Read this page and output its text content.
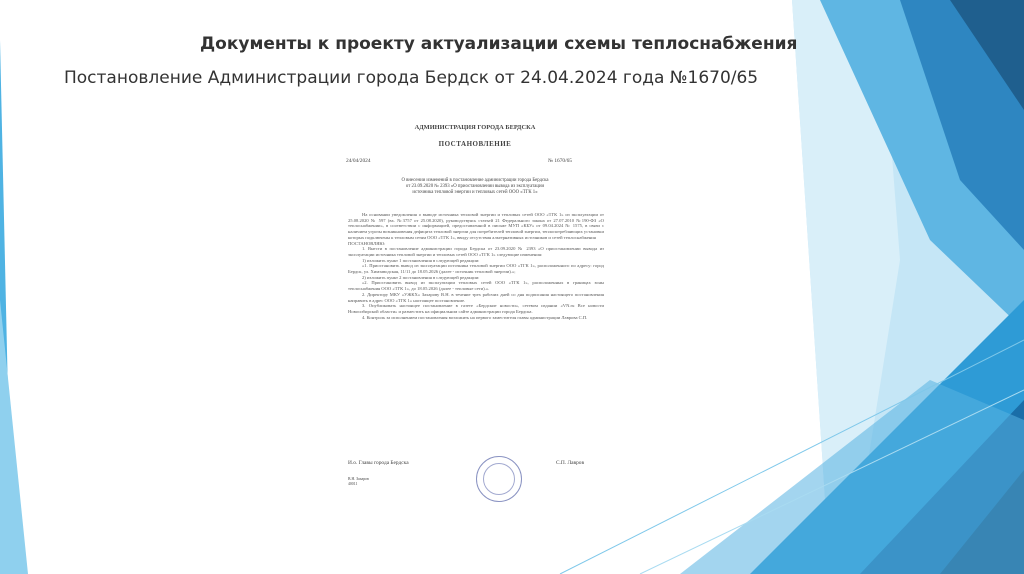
Документы к проекту актуализации схемы теплоснабжения
Постановление Администрации города Бердск от 24.04.2024 года №1670/65
АДМИНИСТРАЦИЯ ГОРОДА БЕРДСКА
ПОСТАНОВЛЕНИЕ
24/04/2024	№ 1670/65
О внесении изменений в постановление администрации города Бердска
от 23.09.2020 № 2393 «О приостановлении вывода из эксплуатации
источника тепловой энергии и тепловых сетей ООО «ТГК 1»

На основании уведомления о выводе источника тепловой энергии и тепловых сетей ООО «ТГК 1» из эксплуатации от 25.08.2020 № 597 (вх. №3757 от 25.08.2020), руководствуясь статьей 21 Федерального закона от 27.07.2010 №190-ФЗ «О теплоснабжении», в соответствии с информацией, предоставленной в письме МУП «КБУ» от 09.04.2024 № 1575, в связи с наличием угрозы возникновения дефицита тепловой энергии для потребителей тепловой энергии, теплопотребляющих установки которых подключены к тепловым сетям ООО «ТГК 1», ввиду отсутствия альтернативных источников и сетей теплоснабжения

ПОСТАНОВЛЯЮ:

1. Внести в постановление администрации города Бердска от 23.09.2020 № 2393 «О приостановлении вывода из эксплуатации источника тепловой энергии и тепловых сетей ООО «ТГК 1» следующие изменения:

1) изложить пункт 1 постановления в следующей редакции:

«1. Приостановить вывод из эксплуатации источника тепловой энергии ООО «ТГК 1», расположенного по адресу: город Бердск, ул. Химзаводская, 11/11 до 18.05.2026 (далее - источник тепловой энергии).»;

2) изложить пункт 2 постановления в следующей редакции:

«2. Приостановить вывод из эксплуатации тепловых сетей ООО «ТГК 1», расположенных в границах зоны теплоснабжения ООО «ТГК 1», до 18.05.2026 (далее - тепловые сети).».

2. Директору МКУ «УЖКХ» Захарову В.Н. в течение трех рабочих дней со дня подписания настоящего постановления направить в адрес ООО «ТГК 1» настоящее постановление.

3. Опубликовать настоящее постановление в газете «Бердские новости», сетевом издании «VN.ru Все новости Новосибирской области» и разместить на официальном сайте администрации города Бердска.

4. Контроль за исполнением постановления возложить на первого заместителя главы администрации Лаврова С.П.

И.о. Главы города Бердска	С.П. Лавров
В.Н. Захаров
40011
